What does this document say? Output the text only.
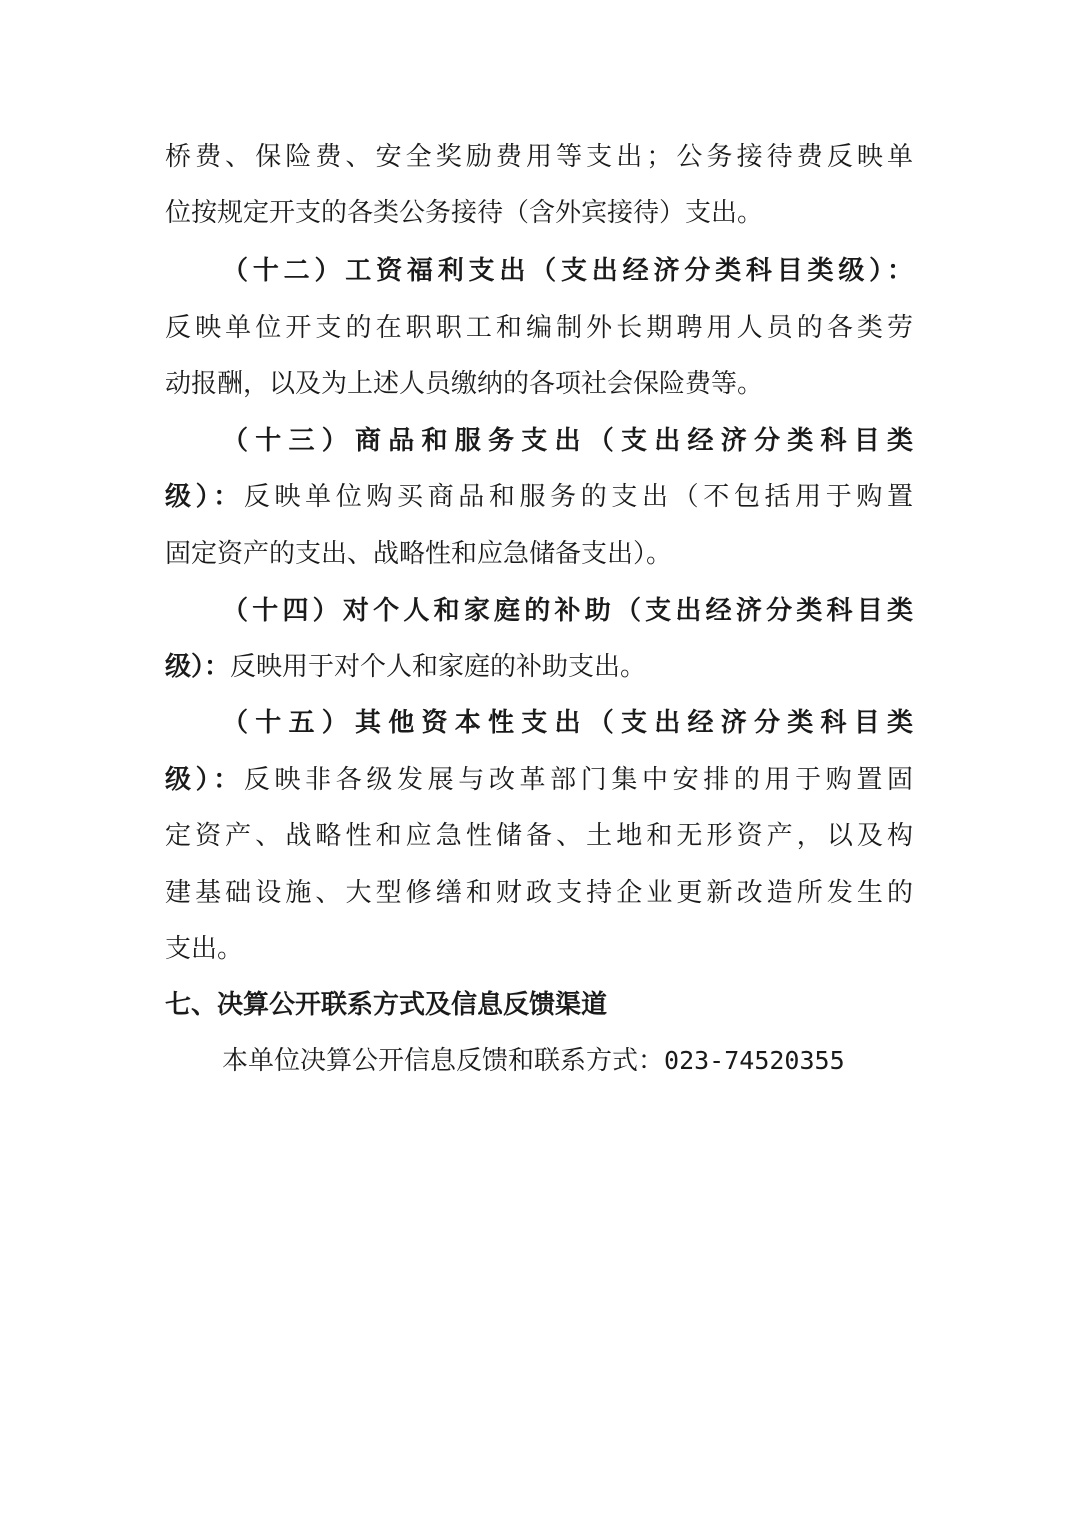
桥费、保险费、安全奖励费用等支出；公务接待费反映单
位按规定开支的各类公务接待（含外宾接待）支出。
（十二）工资福利支出（支出经济分类科目类级）：
反映单位开支的在职职工和编制外长期聘用人员的各类劳
动报酬，以及为上述人员缴纳的各项社会保险费等。
（十三）商品和服务支出（支出经济分类科目类
级）：反映单位购买商品和服务的支出（不包括用于购置
固定资产的支出、战略性和应急储备支出）。
（十四）对个人和家庭的补助（支出经济分类科目类
级）：反映用于对个人和家庭的补助支出。
（十五）其他资本性支出（支出经济分类科目类
级）：反映非各级发展与改革部门集中安排的用于购置固
定资产、战略性和应急性储备、土地和无形资产，以及构
建基础设施、大型修缮和财政支持企业更新改造所发生的
支出。
七、决算公开联系方式及信息反馈渠道
本单位决算公开信息反馈和联系方式：023-74520355
